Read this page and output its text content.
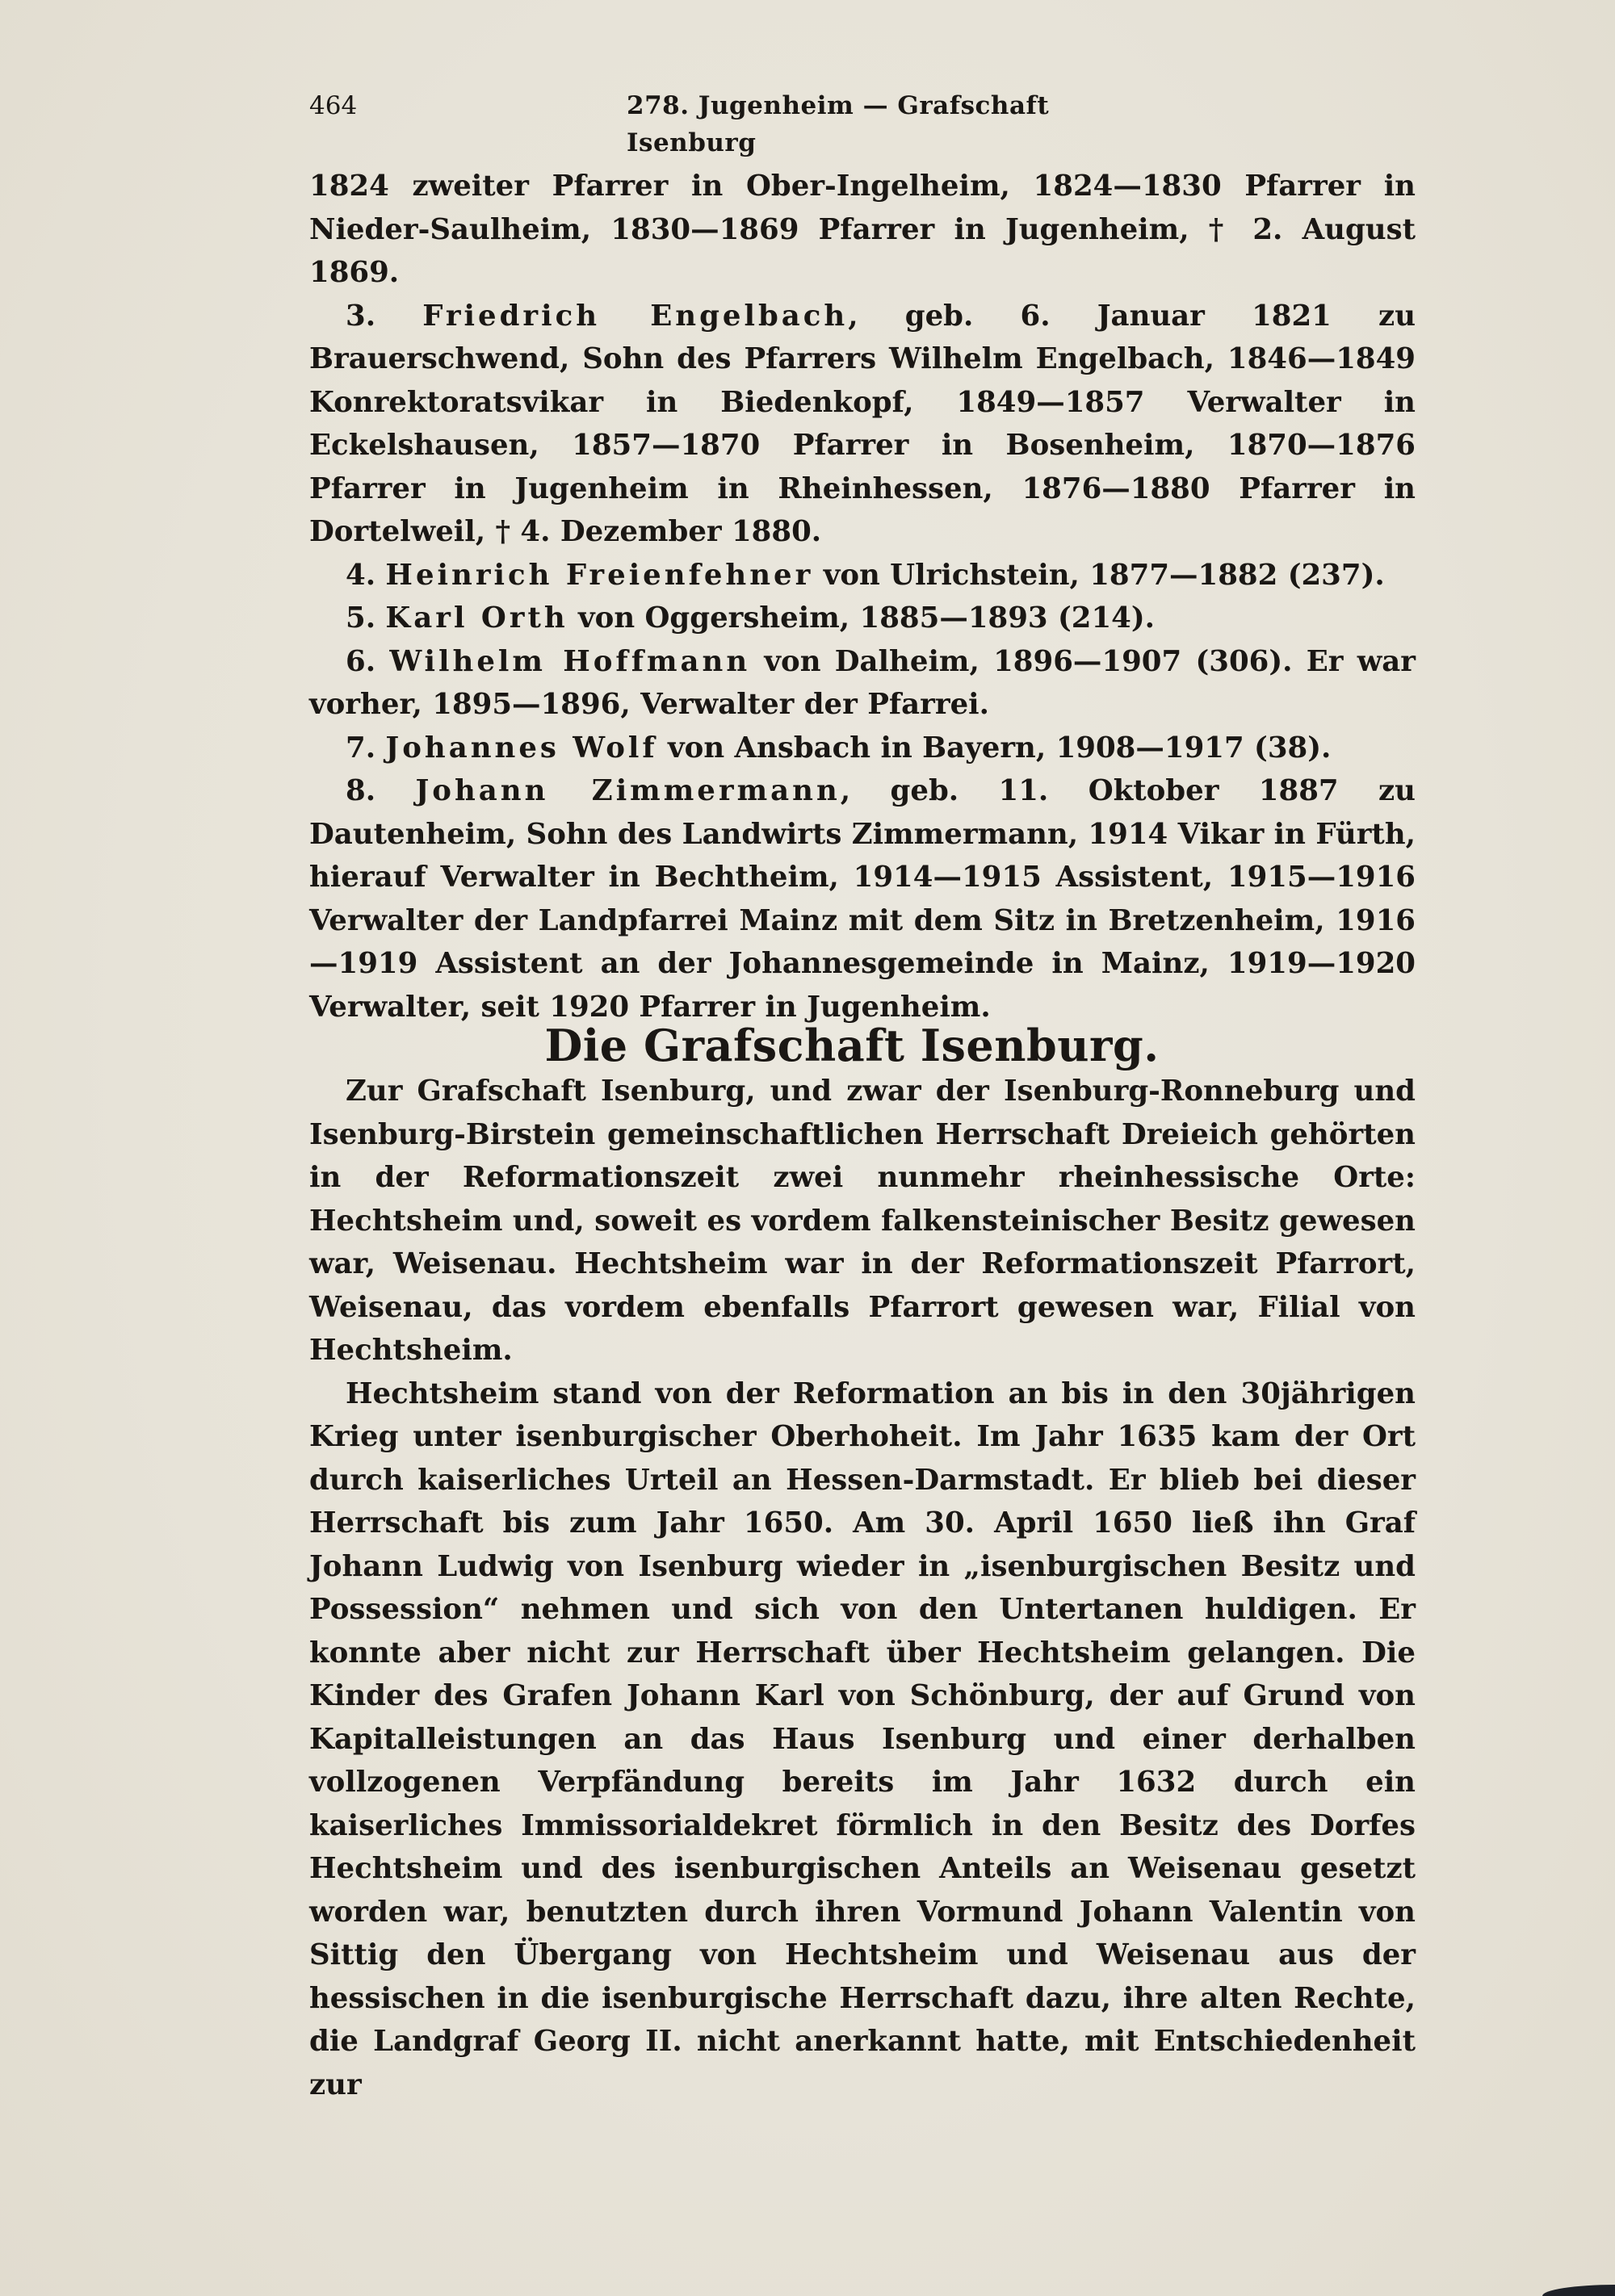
464	278. Jugenheim — Grafschaft Isenburg

1824 zweiter Pfarrer in Ober-Ingelheim, 1824—1830 Pfarrer in Nieder-Saulheim, 1830—1869 Pfarrer in Jugenheim, † 2. August 1869.

3. Friedrich Engelbach, geb. 6. Januar 1821 zu Brauerschwend, Sohn des Pfarrers Wilhelm Engelbach, 1846—1849 Konrektoratsvikar in Biedenkopf, 1849—1857 Verwalter in Eckelshausen, 1857—1870 Pfarrer in Bosenheim, 1870—1876 Pfarrer in Jugenheim in Rheinhessen, 1876—1880 Pfarrer in Dortelweil, † 4. Dezember 1880.

4. Heinrich Freienfehner von Ulrichstein, 1877—1882 (237).

5. Karl Orth von Oggersheim, 1885—1893 (214).

6. Wilhelm Hoffmann von Dalheim, 1896—1907 (306). Er war vorher, 1895—1896, Verwalter der Pfarrei.

7. Johannes Wolf von Ansbach in Bayern, 1908—1917 (38).

8. Johann Zimmermann, geb. 11. Oktober 1887 zu Dautenheim, Sohn des Landwirts Zimmermann, 1914 Vikar in Fürth, hierauf Verwalter in Bechtheim, 1914—1915 Assistent, 1915—1916 Verwalter der Landpfarrei Mainz mit dem Sitz in Bretzenheim, 1916—1919 Assistent an der Johannesgemeinde in Mainz, 1919—1920 Verwalter, seit 1920 Pfarrer in Jugenheim.

Die Grafschaft Isenburg.

Zur Grafschaft Isenburg, und zwar der Isenburg-Ronneburg und Isenburg-Birstein gemeinschaftlichen Herrschaft Dreieich gehörten in der Reformationszeit zwei nunmehr rheinhessische Orte: Hechtsheim und, soweit es vordem falkensteinischer Besitz gewesen war, Weisenau. Hechtsheim war in der Reformationszeit Pfarrort, Weisenau, das vordem ebenfalls Pfarrort gewesen war, Filial von Hechtsheim.

Hechtsheim stand von der Reformation an bis in den 30jährigen Krieg unter isenburgischer Oberhoheit. Im Jahr 1635 kam der Ort durch kaiserliches Urteil an Hessen-Darmstadt. Er blieb bei dieser Herrschaft bis zum Jahr 1650. Am 30. April 1650 ließ ihn Graf Johann Ludwig von Isenburg wieder in „isenburgischen Besitz und Possession“ nehmen und sich von den Untertanen huldigen. Er konnte aber nicht zur Herrschaft über Hechtsheim gelangen. Die Kinder des Grafen Johann Karl von Schönburg, der auf Grund von Kapitalleistungen an das Haus Isenburg und einer derhalben vollzogenen Verpfändung bereits im Jahr 1632 durch ein kaiserliches Immissorialdekret förmlich in den Besitz des Dorfes Hechtsheim und des isenburgischen Anteils an Weisenau gesetzt worden war, benutzten durch ihren Vormund Johann Valentin von Sittig den Übergang von Hechtsheim und Weisenau aus der hessischen in die isenburgische Herrschaft dazu, ihre alten Rechte, die Landgraf Georg II. nicht anerkannt hatte, mit Entschiedenheit zur
